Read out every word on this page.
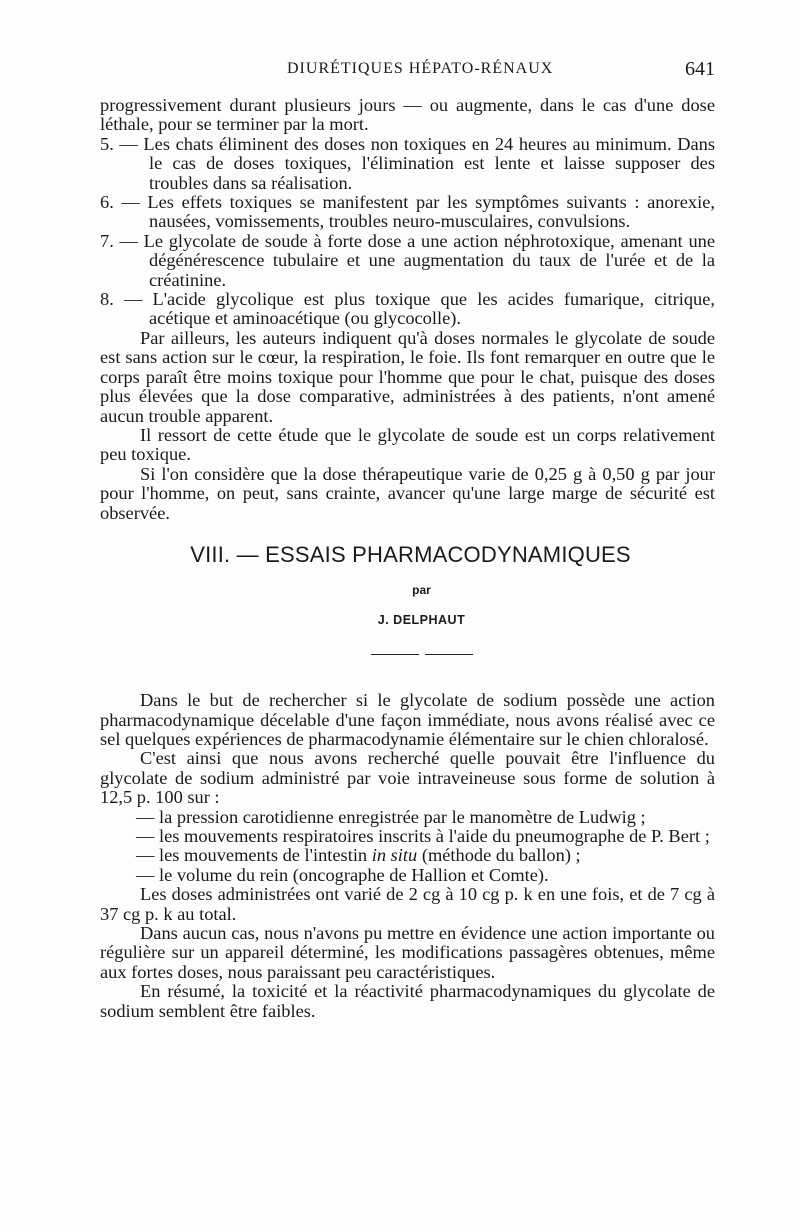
DIURÉTIQUES HÉPATO-RÉNAUX	641

progressivement durant plusieurs jours — ou augmente, dans le cas d'une dose léthale, pour se terminer par la mort.

5. — Les chats éliminent des doses non toxiques en 24 heures au minimum. Dans le cas de doses toxiques, l'élimination est lente et laisse supposer des troubles dans sa réalisation.

6. — Les effets toxiques se manifestent par les symptômes suivants : anorexie, nausées, vomissements, troubles neuro-musculaires, convulsions.

7. — Le glycolate de soude à forte dose a une action néphrotoxique, amenant une dégénérescence tubulaire et une augmentation du taux de l'urée et de la créatinine.

8. — L'acide glycolique est plus toxique que les acides fumarique, citrique, acétique et aminoacétique (ou glycocolle).

Par ailleurs, les auteurs indiquent qu'à doses normales le glycolate de soude est sans action sur le cœur, la respiration, le foie. Ils font remarquer en outre que le corps paraît être moins toxique pour l'homme que pour le chat, puisque des doses plus élevées que la dose comparative, administrées à des patients, n'ont amené aucun trouble apparent.

Il ressort de cette étude que le glycolate de soude est un corps relativement peu toxique.

Si l'on considère que la dose thérapeutique varie de 0,25 g à 0,50 g par jour pour l'homme, on peut, sans crainte, avancer qu'une large marge de sécurité est observée.

VIII. — ESSAIS PHARMACODYNAMIQUES
par
J. DELPHAUT

Dans le but de rechercher si le glycolate de sodium possède une action pharmacodynamique décelable d'une façon immédiate, nous avons réalisé avec ce sel quelques expériences de pharmacodynamie élémentaire sur le chien chloralosé.

C'est ainsi que nous avons recherché quelle pouvait être l'influence du glycolate de sodium administré par voie intraveineuse sous forme de solution à 12,5 p. 100 sur :

— la pression carotidienne enregistrée par le manomètre de Ludwig ;

— les mouvements respiratoires inscrits à l'aide du pneumographe de P. Bert ;

— les mouvements de l'intestin in situ (méthode du ballon) ;

— le volume du rein (oncographe de Hallion et Comte).

Les doses administrées ont varié de 2 cg à 10 cg p. k en une fois, et de 7 cg à 37 cg p. k au total.

Dans aucun cas, nous n'avons pu mettre en évidence une action importante ou régulière sur un appareil déterminé, les modifications passagères obtenues, même aux fortes doses, nous paraissant peu caractéristiques.

En résumé, la toxicité et la réactivité pharmacodynamiques du glycolate de sodium semblent être faibles.
